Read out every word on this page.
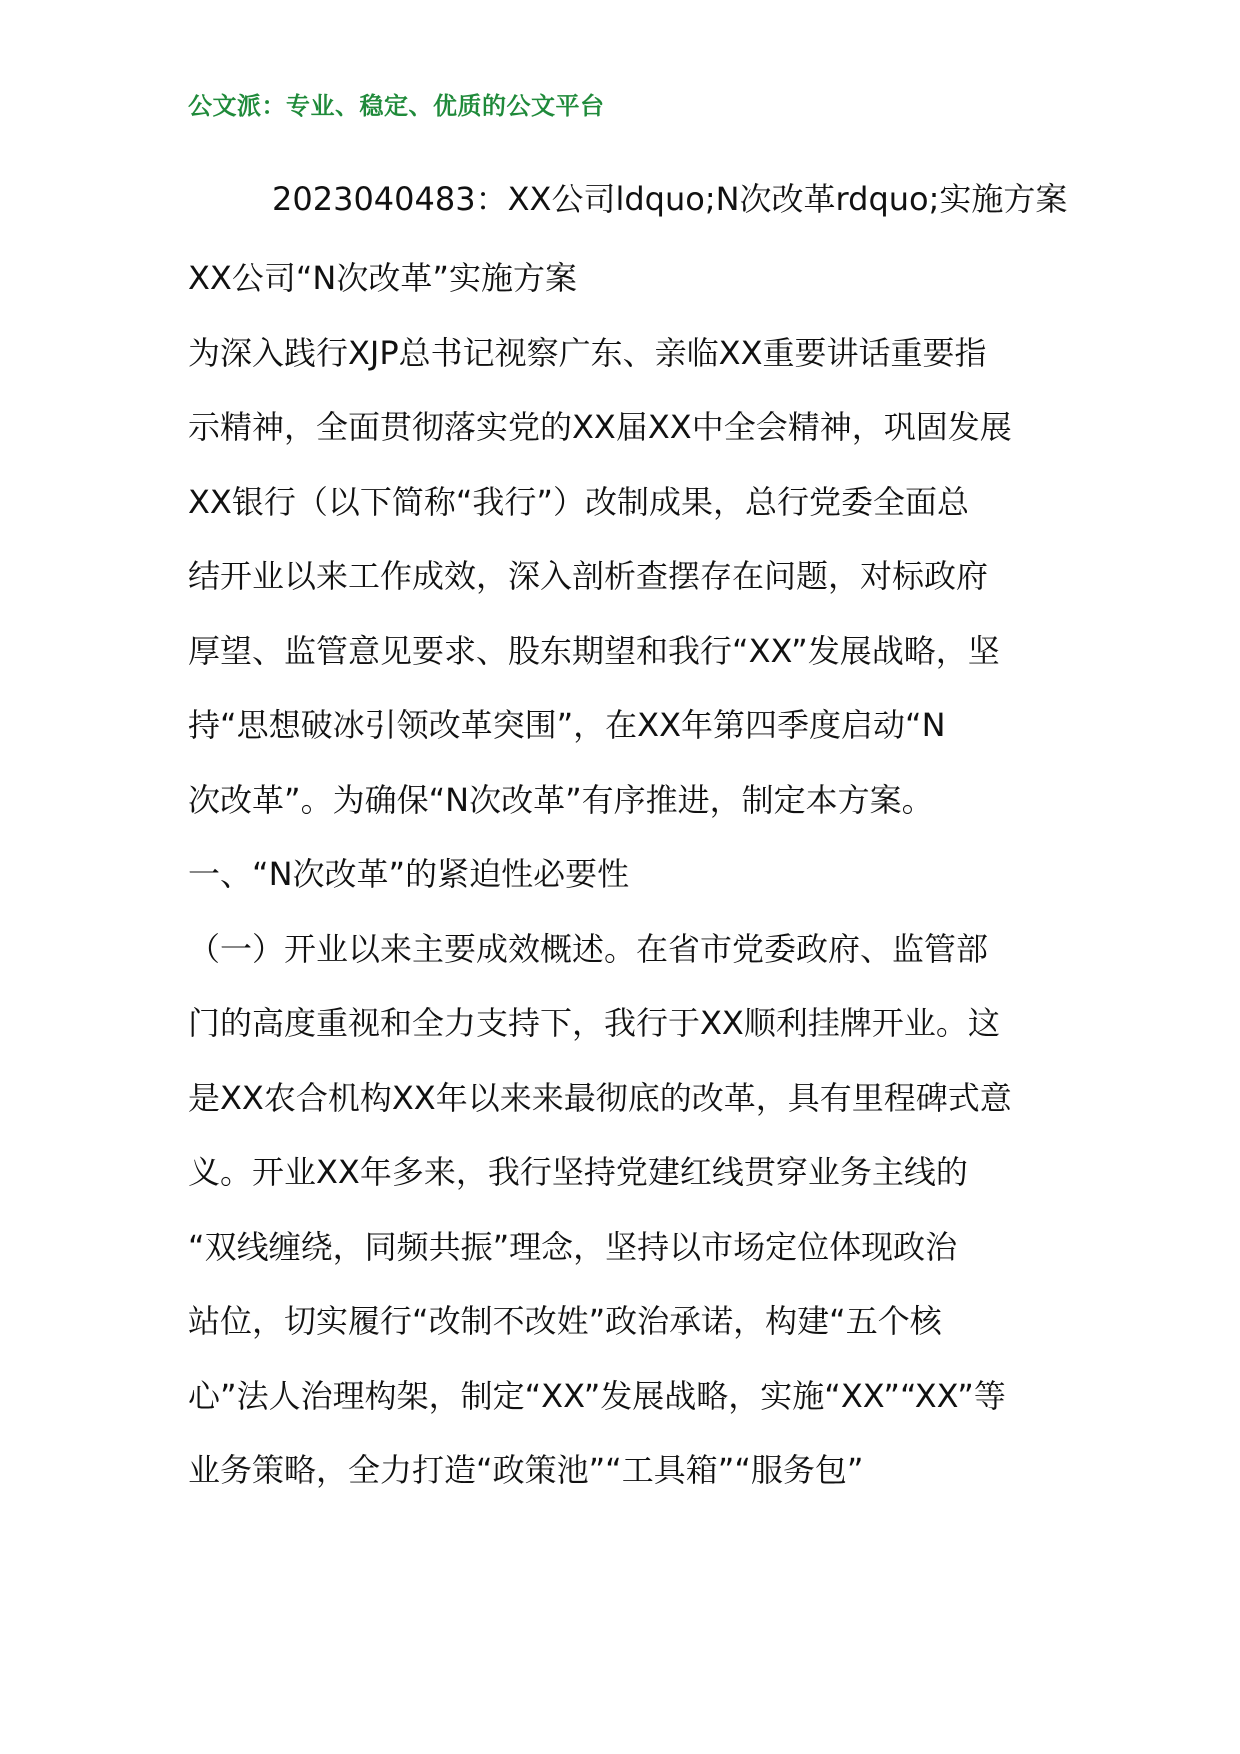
公文派：专业、稳定、优质的公文平台
2023040483：XX公司ldquo;N次改革rdquo;实施方案
XX公司“N次改革”实施方案
为深入践行XJP总书记视察广东、亲临XX重要讲话重要指
示精神，全面贯彻落实党的XX届XX中全会精神，巩固发展
XX银行（以下简称“我行”）改制成果，总行党委全面总
结开业以来工作成效，深入剖析查摆存在问题，对标政府
厚望、监管意见要求、股东期望和我行“XX”发展战略，坚
持“思想破冰引领改革突围”，在XX年第四季度启动“N
次改革”。为确保“N次改革”有序推进，制定本方案。
一、“N次改革”的紧迫性必要性
（一）开业以来主要成效概述。在省市党委政府、监管部
门的高度重视和全力支持下，我行于XX顺利挂牌开业。这
是XX农合机构XX年以来来最彻底的改革，具有里程碑式意
义。开业XX年多来，我行坚持党建红线贯穿业务主线的
“双线缠绕，同频共振”理念，坚持以市场定位体现政治
站位，切实履行“改制不改姓”政治承诺，构建“五个核
心”法人治理构架，制定“XX”发展战略，实施“XX”“XX”等
业务策略，全力打造“政策池”“工具箱”“服务包”
